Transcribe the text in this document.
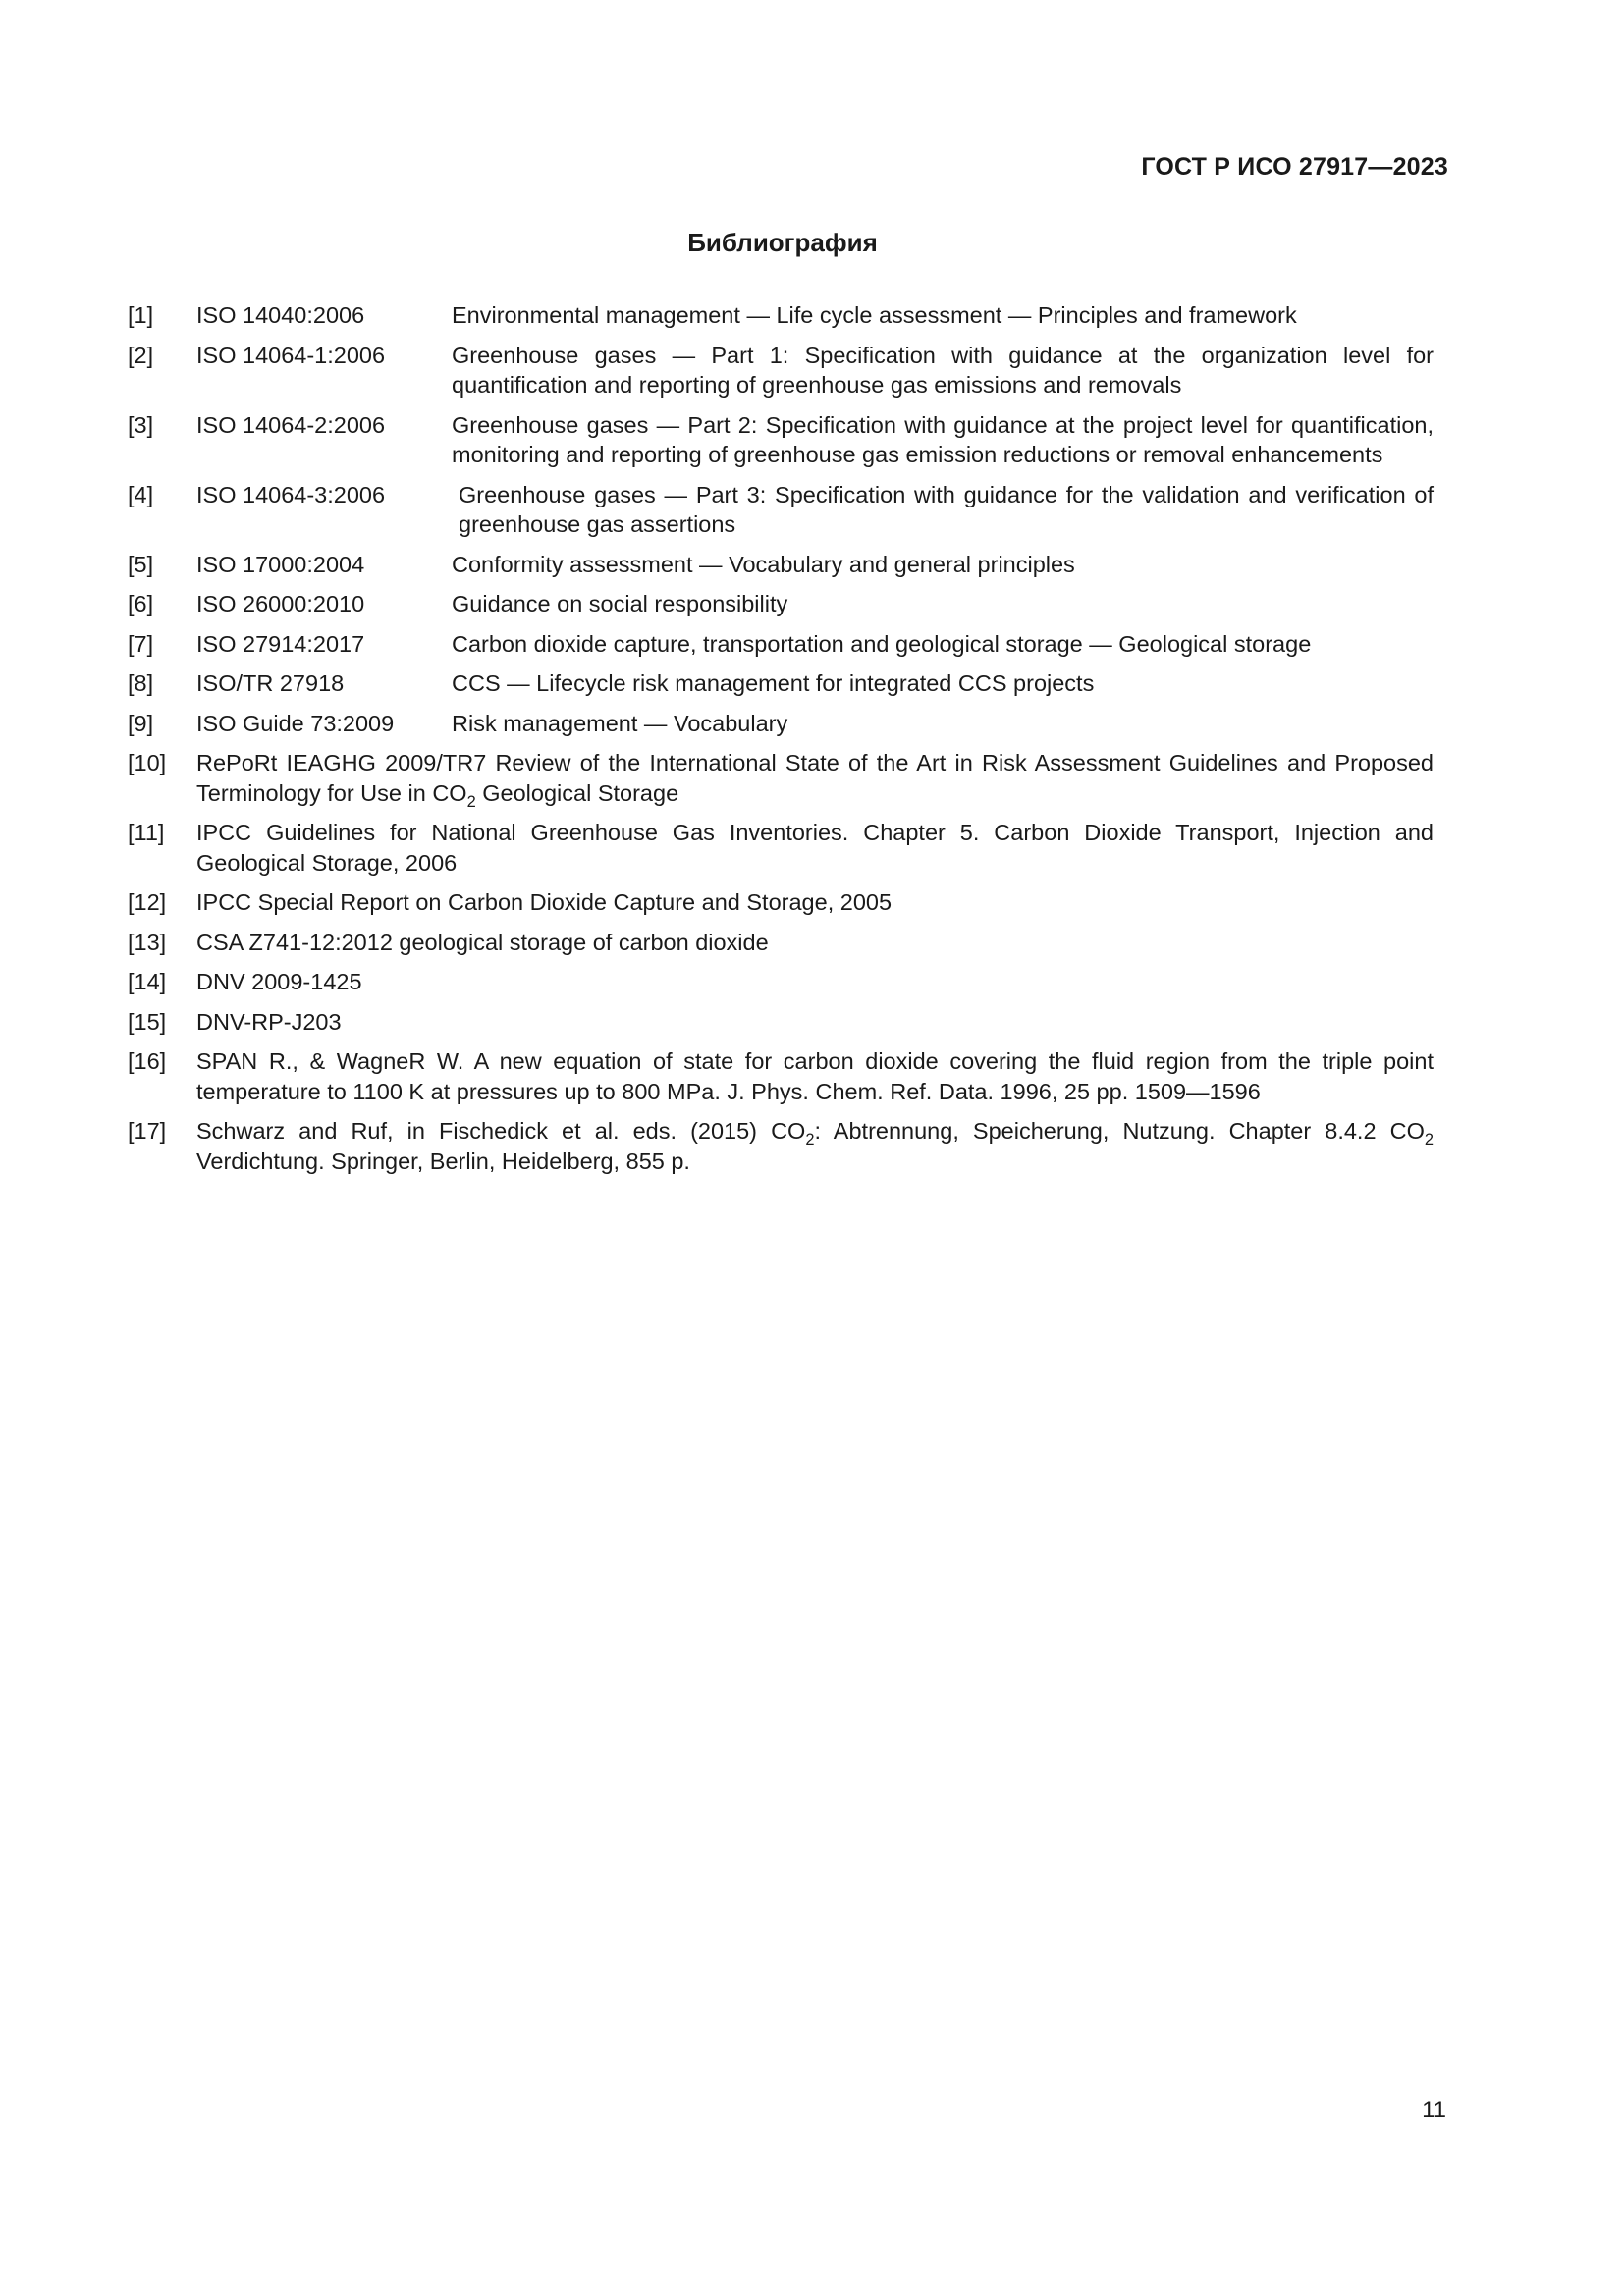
ГОСТ Р ИСО 27917—2023
Библиография
[1]	ISO 14040:2006	Environmental management — Life cycle assessment — Principles and framework
[2]	ISO 14064-1:2006	Greenhouse gases — Part 1: Specification with guidance at the organization level for quantification and reporting of greenhouse gas emissions and removals
[3]	ISO 14064-2:2006	Greenhouse gases — Part 2: Specification with guidance at the project level for quantification, monitoring and reporting of greenhouse gas emission reductions or removal enhancements
[4]	ISO 14064-3:2006	Greenhouse gases — Part 3: Specification with guidance for the validation and verification of greenhouse gas assertions
[5]	ISO 17000:2004	Conformity assessment — Vocabulary and general principles
[6]	ISO 26000:2010	Guidance on social responsibility
[7]	ISO 27914:2017	Carbon dioxide capture, transportation and geological storage — Geological storage
[8]	ISO/TR 27918	CCS — Lifecycle risk management for integrated CCS projects
[9]	ISO Guide 73:2009	Risk management — Vocabulary
[10]	RePoRt IEAGHG 2009/TR7 Review of the International State of the Art in Risk Assessment Guidelines and Proposed Terminology for Use in $CO_2$ Geological Storage
[11]	IPCC Guidelines for National Greenhouse Gas Inventories. Chapter 5. Carbon Dioxide Transport, Injection and Geological Storage, 2006
[12]	IPCC Special Report on Carbon Dioxide Capture and Storage, 2005
[13]	CSA Z741-12:2012 geological storage of carbon dioxide
[14]	DNV 2009-1425
[15]	DNV-RP-J203
[16]	SPAN R., & WagneR W. A new equation of state for carbon dioxide covering the fluid region from the triple point temperature to 1100 K at pressures up to 800 MPa. J. Phys. Chem. Ref. Data. 1996, 25 pp. 1509—1596
[17]	Schwarz and Ruf, in Fischedick et al. eds. (2015) $CO_2$: Abtrennung, Speicherung, Nutzung. Chapter 8.4.2 $CO_2$ Verdichtung. Springer, Berlin, Heidelberg, 855 p.
11
